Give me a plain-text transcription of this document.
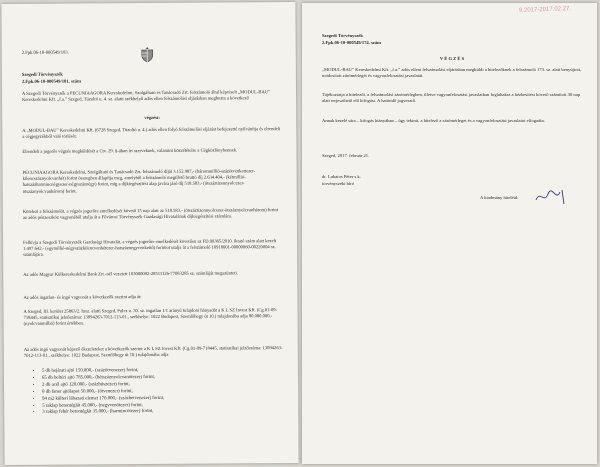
2.Fpk.06-10-000549/183.
Szegedi Törvényszék
2.Fpk.06-10-000549/181. szám
A Szegedi Törvényszék a PECUNIAAGORA Kereskedelmi, Szolgáltató és Tanácsadó Zrt. felszámoló által képviselt „MODUL-BAU” Kereskedelmi Kft. „f.a.” Szeged, Tüzoltó u. 4. sz. alatti székhelyű adós ellen felszámolási eljárásban meghozta a következő
végzést:
A „MODUL-BAU” Kereskedelmi Kft. (6728 Szeged, Tüzoltó u. 4.) adós ellen folyó felszámolási eljárást befejezetté nyilvánítja és elrendeli a cégjegyzékből való törlését.
Elrendeli a jogerős végzés megküldését a Ctv. 29. §-ában írt szerveknek, valamint közzétételre a Cégközlönybennek.
PECUNIAAGORA Kereskedelmi, Szolgáltató és Tanácsadó Zrt. felszámoló díját 3.152.987,- (hárommillió-százötvenkettezer-kilencszáznyolcvanhét) forint összegben állapítja meg, amelyből a felszámoló megillető bruttó díj 2.634.404,- (kétmillió-hatszázharmincnégyezer-négyszáznégy) forint, míg a díjkiegészítési alap javára járó díj 518.583,- (ötszáztizennyolcezer-ötszáznyolcvanhárom) forint.
Kötelezi a felszámolót, a végzés jogerőre emelkedését követő 15 nap alatt az 518.583,- (ötszáztizennyolcezer-ötszáznyolcvanhárom) forint az adós pénzeszköz vagyonából utalja át a Fővárosi Törvényszék Gazdasági Hivatalának díjkiegészítési számlára.
Felhívja a Szegedi Törvényszék Gazdasági Hivatalát, a végzés jogerőre emelkedését követően az FD.00365/2010. iktató szám alatt kezelt 1.497.642,- (egymillió-négyszázkilencvenhétezer-hatszáznegyvenkettő) forintot utalja át a felszámoló 10918001-00000060-00220004 sz. számlájára.
Az adós Magyar Külkereskedelmi Bank Zrt.-nél vezetett 103000002-28511126-77083285 sz. számláját megszünteti.
Az adós ingatlan- és ingó vagyonát a következők szerint adja át:
A Szeged, III. kerület 25863/2. hrsz. alatti Szeged, Pulcz u. 30. sz. ingatlan 1/1 arányú tulajdoni hányadát a K L SZ Invest Kft. (Cg.01-09-718445, statisztikai jelzőszáma: 13094263-7012-113-01., székhelye: 1022 Budapest, Szemlőhegy út 10.) tulajdonába adja 80.000.000,- (nyolcvanmillió) forint értékben.
Az adós ingó vagyonát képező ékszeleteket a következők szerint a K L SZ Invest Kft. (Cg.01-09-718445, statisztikai jelzőszáma: 13094263-7012-113-01., székhelye: 1022 Budapest, Szemlőhegy út 10.) tulajdonába adja
• 5 db bejárati ajtó 150.000,- (százötvenezer) forint,
• 65 db beltéri ajtó 785.000,- (hétszáznyolcvanötezer) forint,
• 2 db acél ajtó 120.000,- (százhúszezer) forint,
• 8 db faner ajtólapot 50.000,- (ötvenezer) forint,
• 94 m2 külteri lábazati elemet 170.000,- (százhetvenezer) forint,
• 5 raklap betontéglát 45.000,- (negyvenötezer) forint,
• 3 raklap fehér betontéglát 35.000,- (harmincötezer) forint,
9.2017-2017.02.27.
Szegedi Törvényszék
2.Fpk.06-10-000549/174. szám
V É G Z É S
„MODUL-BAU” Kereskedelmi Kft. „f.a.” adós elleni felszámolási eljárásban megküldi a hitelezőknek a felszámoló 173. sz. alatt benyújtott, módosított zárómérlegét és vagyonfelosztási javaslatát.
Tájékoztatja a hitelezőt, a felszámolási zárómérlegben, illetve vagyonfelosztási javaslatban foglaltakra a kézbesítést követő számított 30 nap alatt terjeszthető elő kifogást. A határidő jogvesztő.
Annak kezelé sára – kifogás hiányában – úgy tekinti, a hitelező a zárómérleget és a vagyonfelosztási javaslatot elfogadta.
Szeged, 2017. február 21.
dr. Lukatos Péter s.k.
törvényszéki bíró
A kiadmány hiteléül:
